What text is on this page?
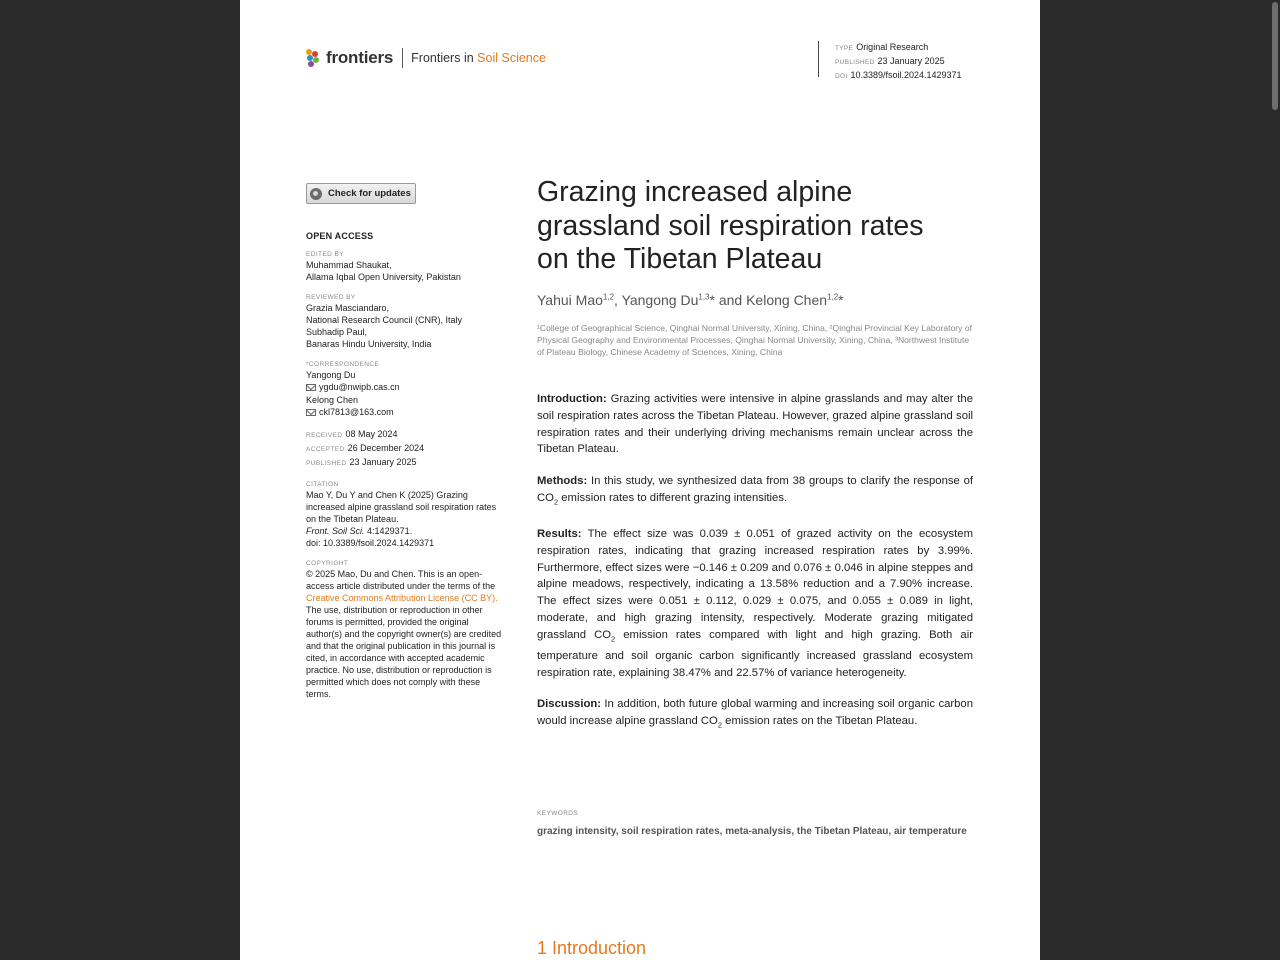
frontiers Frontiers in Soil Science
TYPE Original Research
PUBLISHED 23 January 2025
DOI 10.3389/fsoil.2024.1429371
Check for updates
OPEN ACCESS
EDITED BY
Muhammad Shaukat,
Allama Iqbal Open University, Pakistan
REVIEWED BY
Grazia Masciandaro,
National Research Council (CNR), Italy
Subhadip Paul,
Banaras Hindu University, India
*CORRESPONDENCE
Yangong Du
ygdu@nwipb.cas.cn
Kelong Chen
ckl7813@163.com
RECEIVED 08 May 2024
ACCEPTED 26 December 2024
PUBLISHED 23 January 2025
CITATION
Mao Y, Du Y and Chen K (2025) Grazing increased alpine grassland soil respiration rates on the Tibetan Plateau.
Front. Soil Sci. 4:1429371.
doi: 10.3389/fsoil.2024.1429371
COPYRIGHT
© 2025 Mao, Du and Chen. This is an open-access article distributed under the terms of the Creative Commons Attribution License (CC BY). The use, distribution or reproduction in other forums is permitted, provided the original author(s) and the copyright owner(s) are credited and that the original publication in this journal is cited, in accordance with accepted academic practice. No use, distribution or reproduction is permitted which does not comply with these terms.
Grazing increased alpine grassland soil respiration rates on the Tibetan Plateau
Yahui Mao$^{1,2}$, Yangong Du$^{1,3}$* and Kelong Chen$^{1,2}$*
¹College of Geographical Science, Qinghai Normal University, Xining, China, ²Qinghai Provincial Key Laboratory of Physical Geography and Environmental Processes, Qinghai Normal University, Xining, China, ³Northwest Institute of Plateau Biology, Chinese Academy of Sciences, Xining, China

Introduction: Grazing activities were intensive in alpine grasslands and may alter the soil respiration rates across the Tibetan Plateau. However, grazed alpine grassland soil respiration rates and their underlying driving mechanisms remain unclear across the Tibetan Plateau.

Methods: In this study, we synthesized data from 38 groups to clarify the response of $CO_2$ emission rates to different grazing intensities.

Results: The effect size was 0.039 ± 0.051 of grazed activity on the ecosystem respiration rates, indicating that grazing increased respiration rates by 3.99%. Furthermore, effect sizes were −0.146 ± 0.209 and 0.076 ± 0.046 in alpine steppes and alpine meadows, respectively, indicating a 13.58% reduction and a 7.90% increase. The effect sizes were 0.051 ± 0.112, 0.029 ± 0.075, and 0.055 ± 0.089 in light, moderate, and high grazing intensity, respectively. Moderate grazing mitigated grassland $CO_2$ emission rates compared with light and high grazing. Both air temperature and soil organic carbon significantly increased grassland ecosystem respiration rate, explaining 38.47% and 22.57% of variance heterogeneity.

Discussion: In addition, both future global warming and increasing soil organic carbon would increase alpine grassland $CO_2$ emission rates on the Tibetan Plateau.

KEYWORDS
grazing intensity, soil respiration rates, meta-analysis, the Tibetan Plateau, air temperature
1 Introduction
